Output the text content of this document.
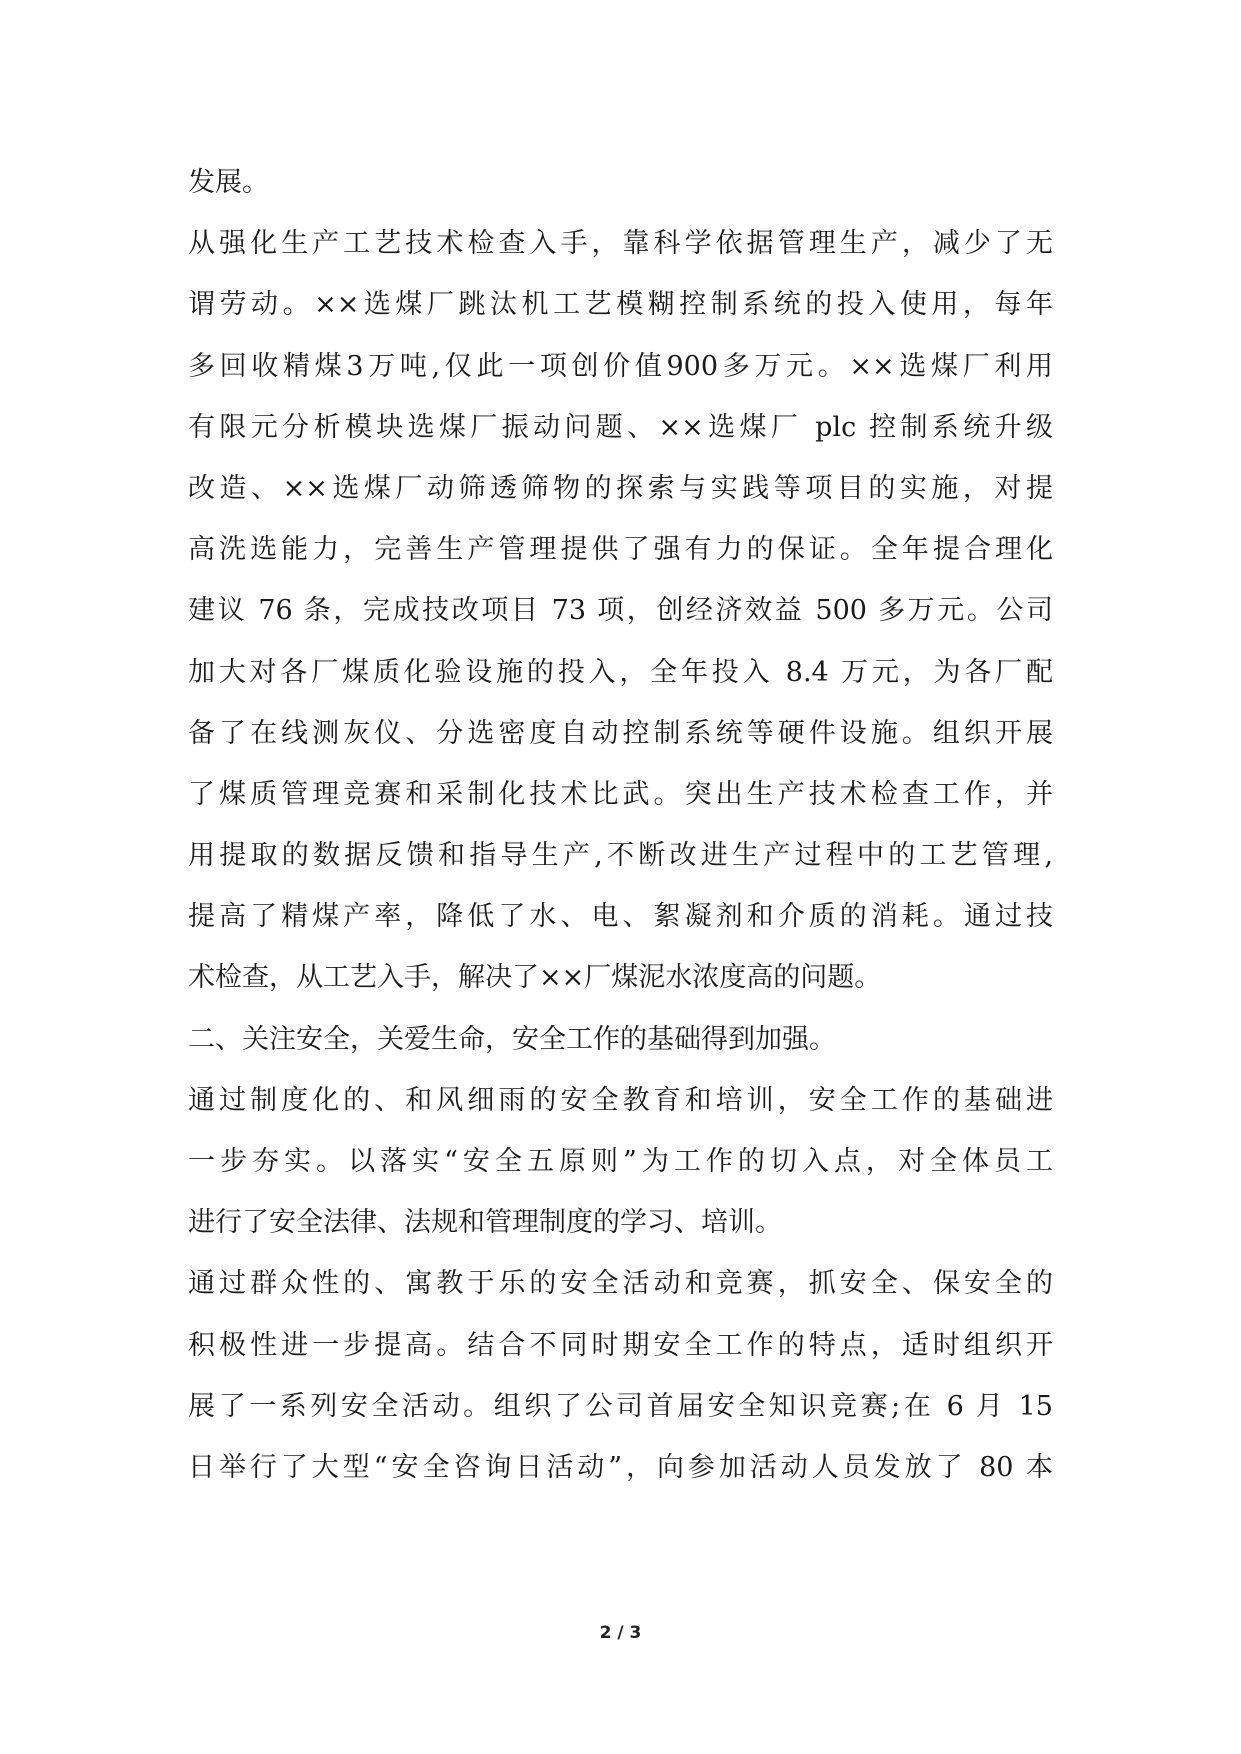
发展。
从强化生产工艺技术检查入手，靠科学依据管理生产，减少了无
谓劳动。××选煤厂跳汰机工艺模糊控制系统的投入使用，每年
多回收精煤3万吨,仅此一项创价值900多万元。××选煤厂利用
有限元分析模块选煤厂振动问题、××选煤厂 plc 控制系统升级
改造、××选煤厂动筛透筛物的探索与实践等项目的实施，对提
高洗选能力，完善生产管理提供了强有力的保证。全年提合理化
建议 76 条，完成技改项目 73 项，创经济效益 500 多万元。公司
加大对各厂煤质化验设施的投入，全年投入 8.4 万元，为各厂配
备了在线测灰仪、分选密度自动控制系统等硬件设施。组织开展
了煤质管理竞赛和采制化技术比武。突出生产技术检查工作，并
用提取的数据反馈和指导生产,不断改进生产过程中的工艺管理,
提高了精煤产率，降低了水、电、絮凝剂和介质的消耗。通过技
术检查，从工艺入手，解决了××厂煤泥水浓度高的问题。
二、关注安全，关爱生命，安全工作的基础得到加强。
通过制度化的、和风细雨的安全教育和培训，安全工作的基础进
一步夯实。以落实“安全五原则”为工作的切入点，对全体员工
进行了安全法律、法规和管理制度的学习、培训。
通过群众性的、寓教于乐的安全活动和竞赛，抓安全、保安全的
积极性进一步提高。结合不同时期安全工作的特点，适时组织开
展了一系列安全活动。组织了公司首届安全知识竞赛;在 6 月 15
日举行了大型“安全咨询日活动”，向参加活动人员发放了 80 本
2 / 3
